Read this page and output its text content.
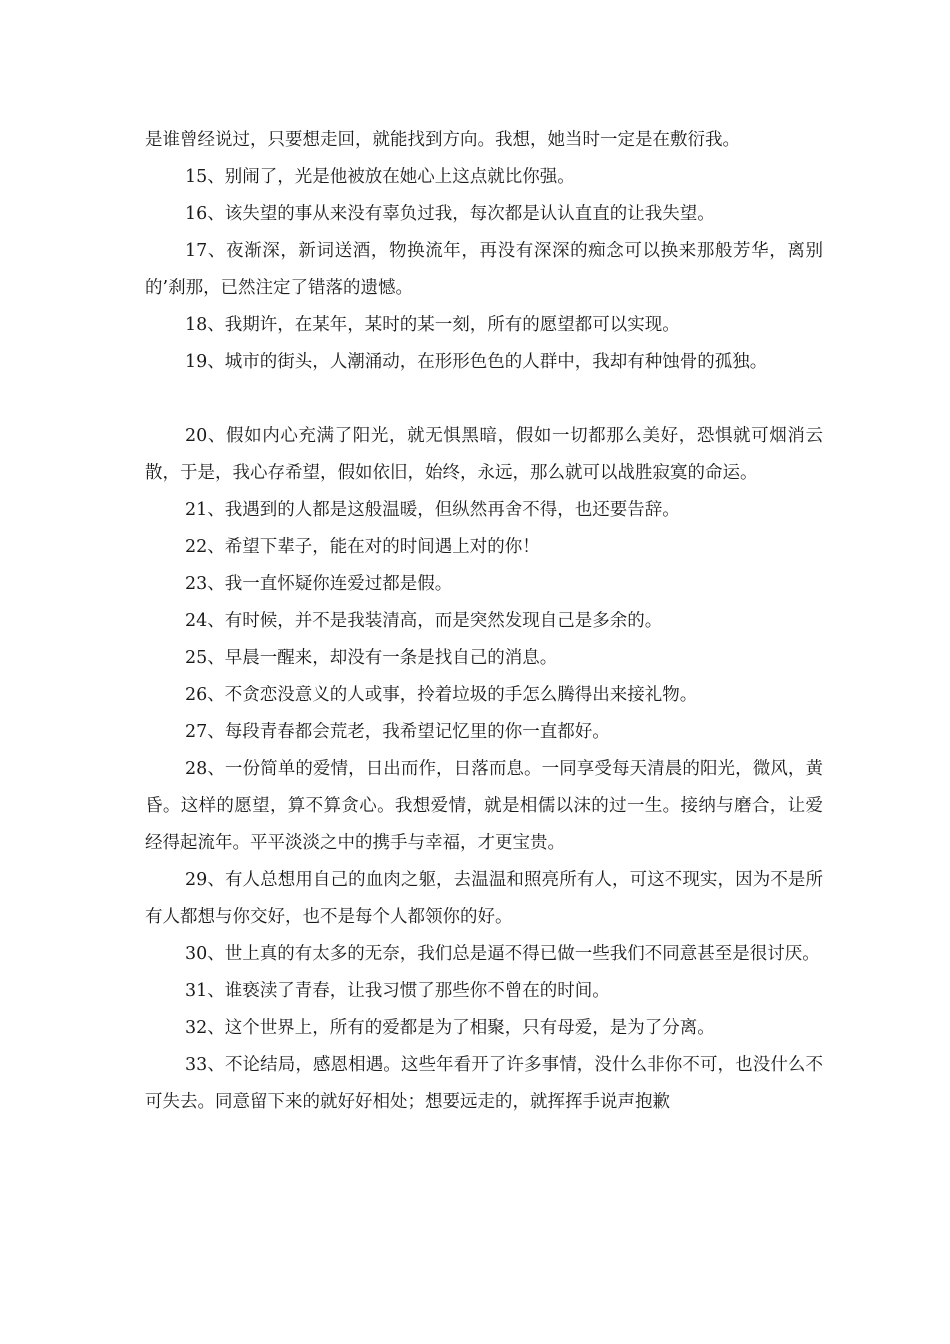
是谁曾经说过，只要想走回，就能找到方向。我想，她当时一定是在敷衍我。

15、别闹了，光是他被放在她心上这点就比你强。

16、该失望的事从来没有辜负过我，每次都是认认直直的让我失望。

17、夜渐深，新词送酒，物换流年，再没有深深的痴念可以换来那般芳华，离别的’刹那，已然注定了错落的遗憾。

18、我期许，在某年，某时的某一刻，所有的愿望都可以实现。

19、城市的街头，人潮涌动，在形形色色的人群中，我却有种蚀骨的孤独。

20、假如内心充满了阳光，就无惧黑暗，假如一切都那么美好，恐惧就可烟消云散，于是，我心存希望，假如依旧，始终，永远，那么就可以战胜寂寞的命运。

21、我遇到的人都是这般温暖，但纵然再舍不得，也还要告辞。

22、希望下辈子，能在对的时间遇上对的你！

23、我一直怀疑你连爱过都是假。

24、有时候，并不是我装清高，而是突然发现自己是多余的。

25、早晨一醒来，却没有一条是找自己的消息。

26、不贪恋没意义的人或事，拎着垃圾的手怎么腾得出来接礼物。

27、每段青春都会荒老，我希望记忆里的你一直都好。

28、一份简单的爱情，日出而作，日落而息。一同享受每天清晨的阳光，微风，黄昏。这样的愿望，算不算贪心。我想爱情，就是相儒以沫的过一生。接纳与磨合，让爱经得起流年。平平淡淡之中的携手与幸福，才更宝贵。

29、有人总想用自己的血肉之躯，去温温和照亮所有人，可这不现实，因为不是所有人都想与你交好，也不是每个人都领你的好。

30、世上真的有太多的无奈，我们总是逼不得已做一些我们不同意甚至是很讨厌。

31、谁亵渎了青春，让我习惯了那些你不曾在的时间。

32、这个世界上，所有的爱都是为了相聚，只有母爱，是为了分离。

33、不论结局，感恩相遇。这些年看开了许多事情，没什么非你不可，也没什么不可失去。同意留下来的就好好相处；想要远走的，就挥挥手说声抱歉
